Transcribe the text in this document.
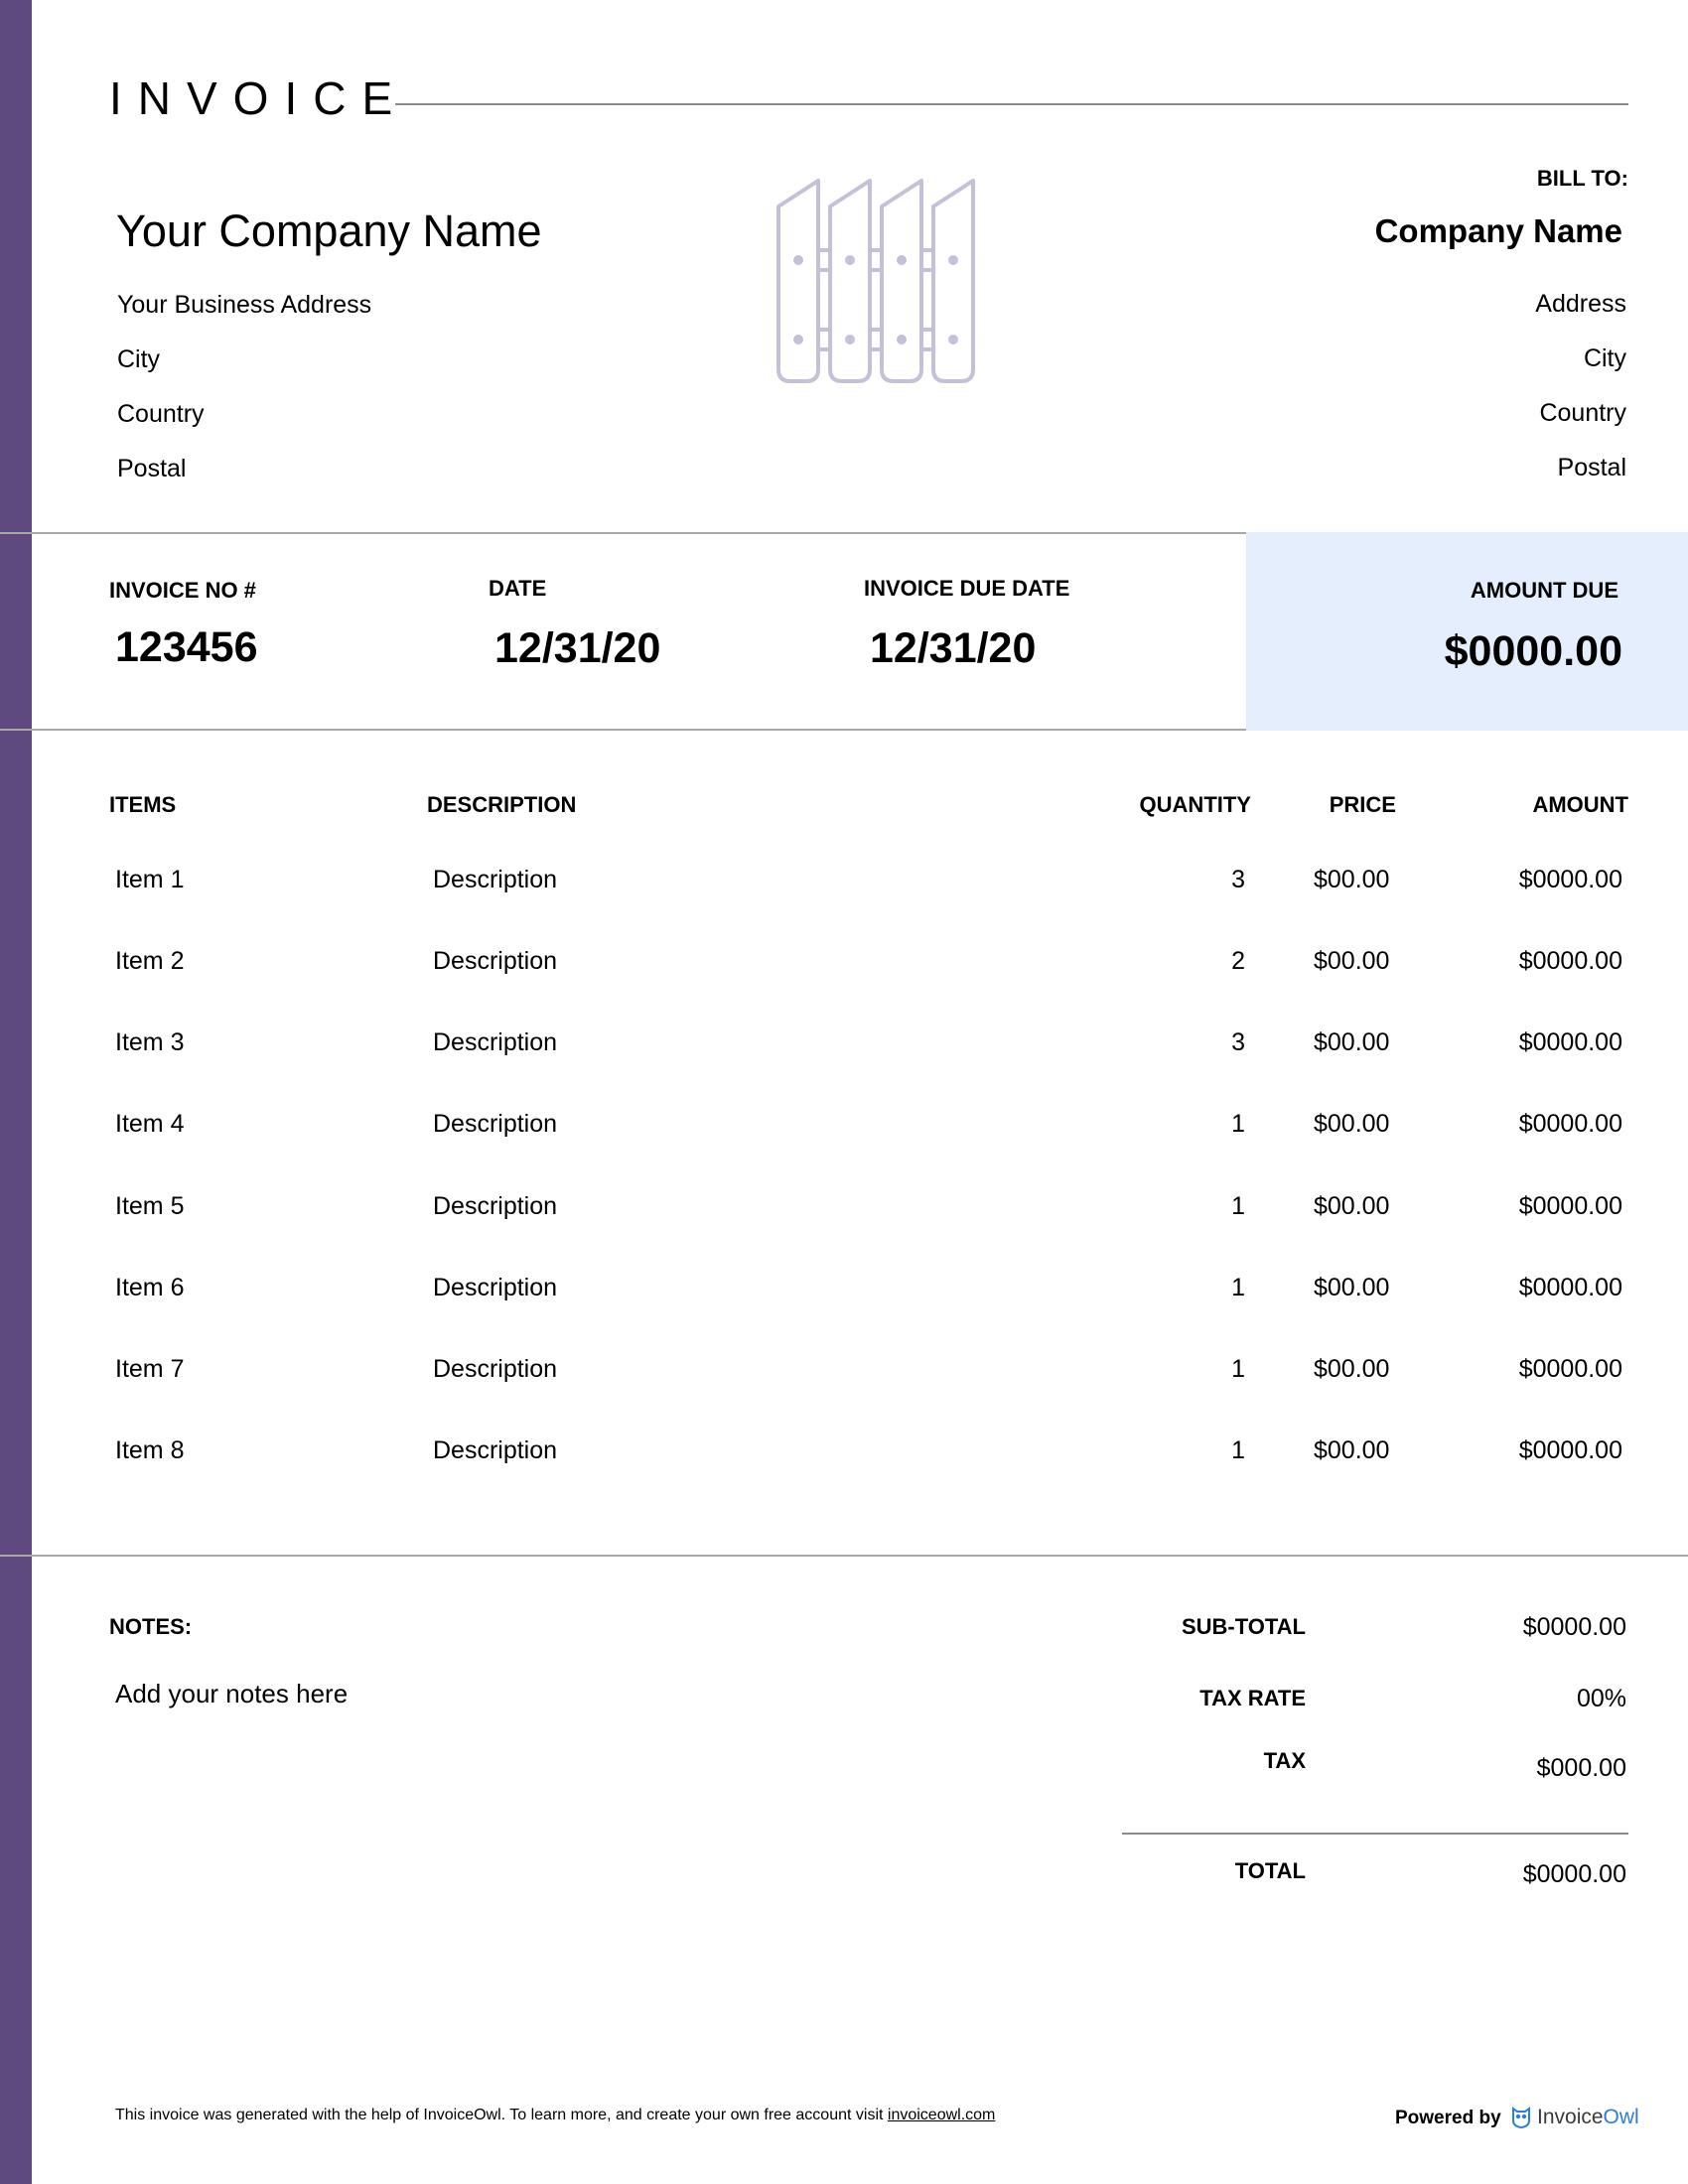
INVOICE
Your Company Name
Your Business Address
City
Country
Postal
BILL TO:
Company Name
Address
City
Country
Postal
INVOICE NO #
123456
DATE
12/31/20
INVOICE DUE DATE
12/31/20
AMOUNT DUE
$0000.00
ITEMS	DESCRIPTION	QUANTITY	PRICE	AMOUNT
Item 1	Description	3	$00.00	$0000.00
Item 2	Description	2	$00.00	$0000.00
Item 3	Description	3	$00.00	$0000.00
Item 4	Description	1	$00.00	$0000.00
Item 5	Description	1	$00.00	$0000.00
Item 6	Description	1	$00.00	$0000.00
Item 7	Description	1	$00.00	$0000.00
Item 8	Description	1	$00.00	$0000.00
NOTES:
Add your notes here
SUB-TOTAL	$0000.00
TAX RATE	00%
TAX	$000.00
TOTAL	$0000.00
This invoice was generated with the help of InvoiceOwl. To learn more, and create your own free account visit invoiceowl.com	Powered by InvoiceOwl
